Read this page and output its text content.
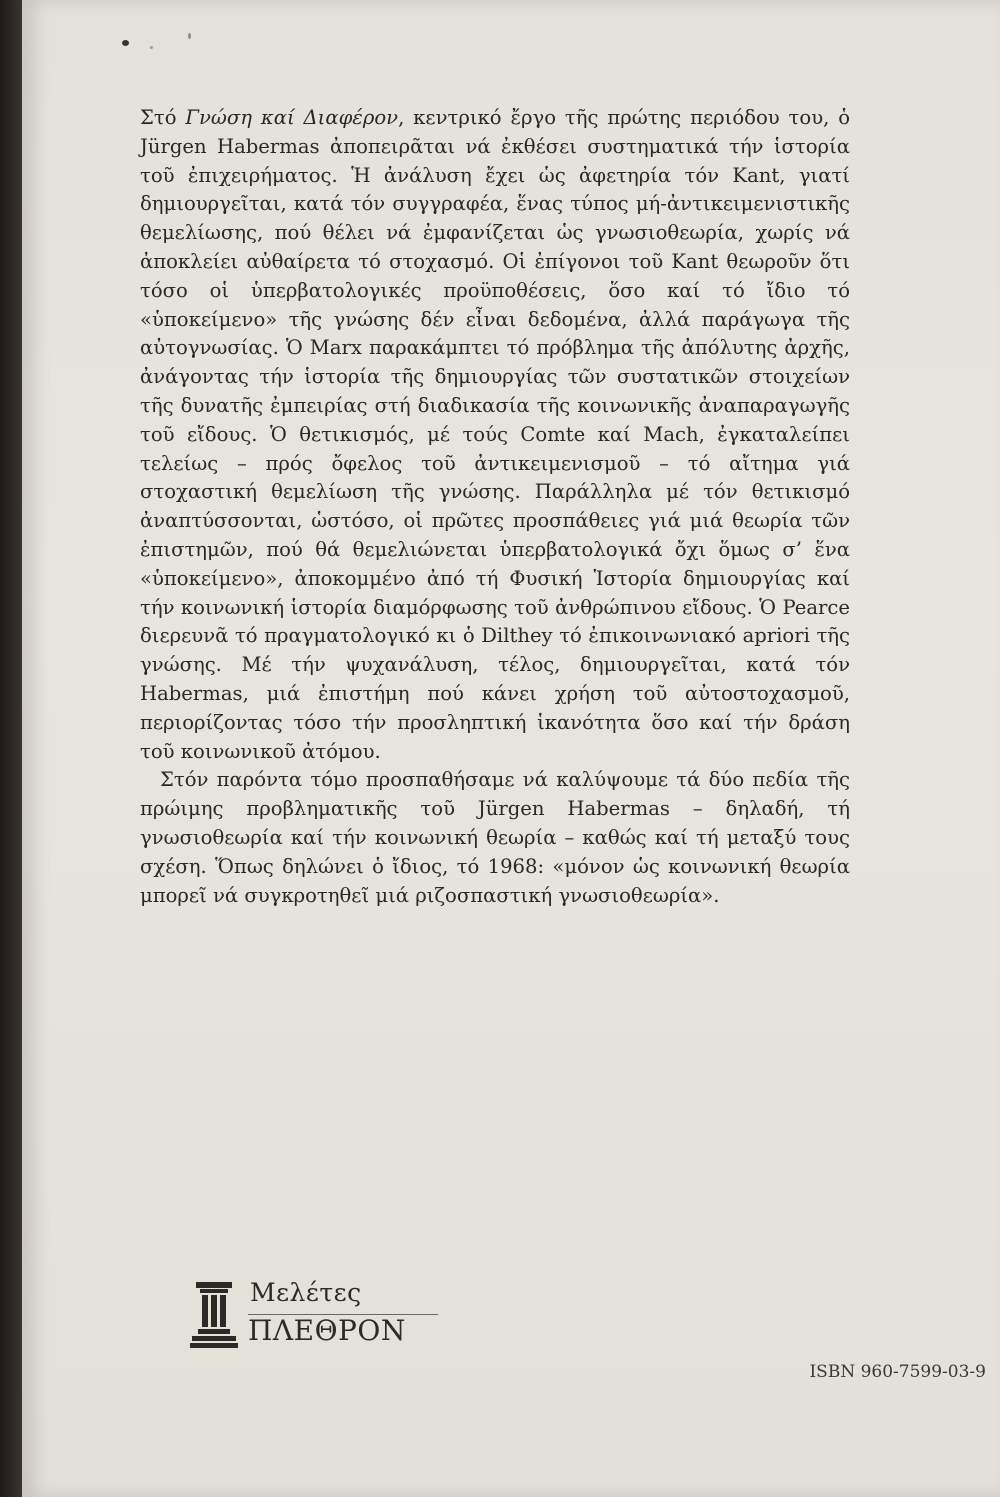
Στό Γνώση καί Διαφέρον, κεντρικό ἔργο τῆς πρώτης περιόδου του, ὁ Jürgen Habermas ἀποπειρᾶται νά ἐκθέσει συστηματικά τήν ἱστορία τοῦ ἐπιχειρήματος. Ἡ ἀνάλυση ἔχει ὡς ἀφετηρία τόν Kant, γιατί δημιουργεῖται, κατά τόν συγγραφέα, ἕνας τύπος μή-ἀντικειμενιστικῆς θεμελίωσης, πού θέλει νά ἐμφανίζεται ὡς γνωσιοθεωρία, χωρίς νά ἀποκλείει αὐθαίρετα τό στοχασμό. Οἱ ἐπίγονοι τοῦ Kant θεωροῦν ὅτι τόσο οἱ ὑπερβατολογικές προϋποθέσεις, ὅσο καί τό ἴδιο τό «ὑποκείμενο» τῆς γνώσης δέν εἶναι δεδομένα, ἀλλά παράγωγα τῆς αὐτογνωσίας. Ὁ Marx παρακάμπτει τό πρόβλημα τῆς ἀπόλυτης ἀρχῆς, ἀνάγοντας τήν ἱστορία τῆς δημιουργίας τῶν συστατικῶν στοιχείων τῆς δυνατῆς ἐμπειρίας στή διαδικασία τῆς κοινωνικῆς ἀναπαραγωγῆς τοῦ εἴδους. Ὁ θετικισμός, μέ τούς Comte καί Mach, ἐγκαταλείπει τελείως – πρός ὄφελος τοῦ ἀντικειμενισμοῦ – τό αἴτημα γιά στοχαστική θεμελίωση τῆς γνώσης. Παράλληλα μέ τόν θετικισμό ἀναπτύσσονται, ὡστόσο, οἱ πρῶτες προσπάθειες γιά μιά θεωρία τῶν ἐπιστημῶν, πού θά θεμελιώνεται ὑπερβατολογικά ὄχι ὅμως σ’ ἕνα «ὑποκείμενο», ἀποκομμένο ἀπό τή Φυσική Ἱστορία δημιουργίας καί τήν κοινωνική ἱστορία διαμόρφωσης τοῦ ἀνθρώπινου εἴδους. Ὁ Pearce διερευνᾶ τό πραγματολογικό κι ὁ Dilthey τό ἐπικοινωνιακό apriori τῆς γνώσης. Μέ τήν ψυχανάλυση, τέλος, δημιουργεῖται, κατά τόν Habermas, μιά ἐπιστήμη πού κάνει χρήση τοῦ αὐτοστοχασμοῦ, περιορίζοντας τόσο τήν προσληπτική ἱκανότητα ὅσο καί τήν δράση τοῦ κοινωνικοῦ ἀτόμου.

Στόν παρόντα τόμο προσπαθήσαμε νά καλύψουμε τά δύο πεδία τῆς πρώιμης προβληματικῆς τοῦ Jürgen Habermas – δηλαδή, τή γνωσιοθεωρία καί τήν κοινωνική θεωρία – καθώς καί τή μεταξύ τους σχέση. Ὅπως δηλώνει ὁ ἴδιος, τό 1968: «μόνον ὡς κοινωνική θεωρία μπορεῖ νά συγκροτηθεῖ μιά ριζοσπαστική γνωσιοθεωρία».

Μελέτες
ΠΛΕΘΡΟΝ
ISBN 960-7599-03-9
